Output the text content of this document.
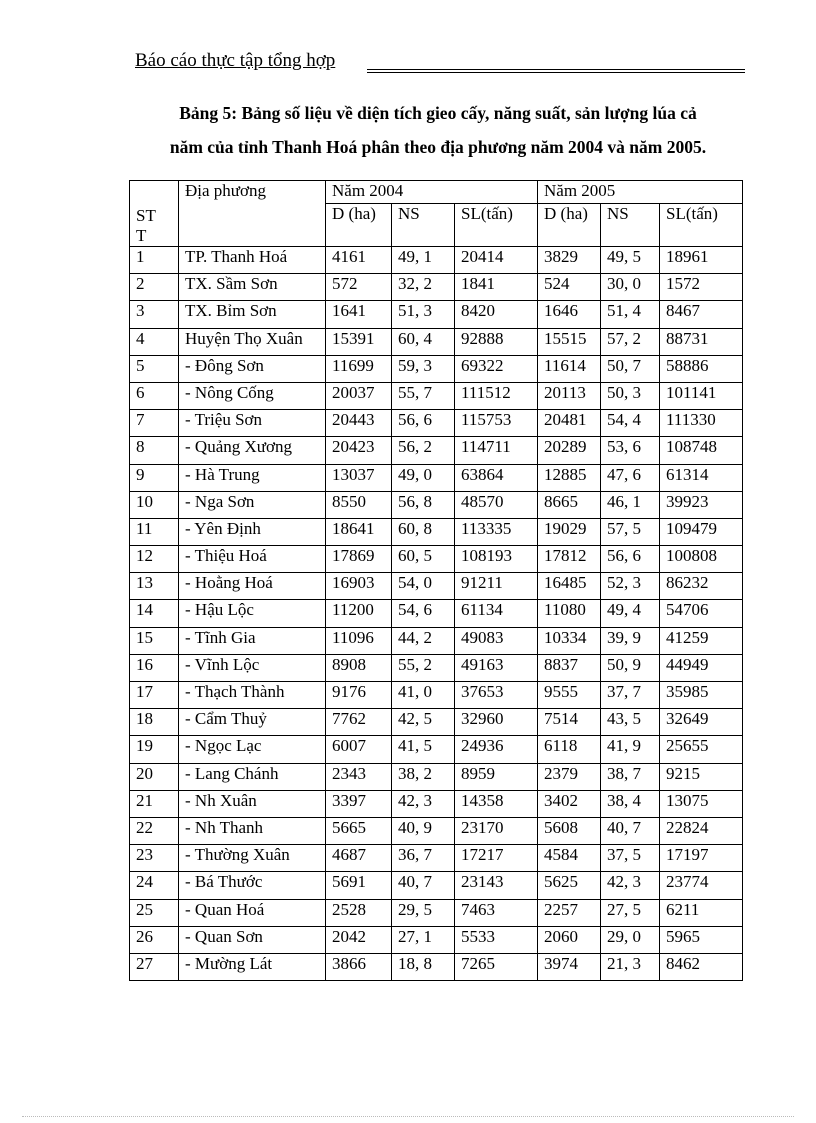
Báo cáo thực tập tổng hợp
Bảng 5: Bảng số liệu về diện tích gieo cấy, năng suất, sản lượng lúa cả
năm của tỉnh Thanh Hoá phân theo địa phương năm 2004 và năm 2005.
STT	Địa phương	Năm 2004			Năm 2005		
		D (ha)	NS	SL(tấn)	D (ha)	NS	SL(tấn)
1	TP. Thanh Hoá	4161	49, 1	20414	3829	49, 5	18961
2	TX. Sầm Sơn	572	32, 2	1841	524	30, 0	1572
3	TX. Bỉm Sơn	1641	51, 3	8420	1646	51, 4	8467
4	Huyện Thọ Xuân	15391	60, 4	92888	15515	57, 2	88731
5	- Đông Sơn	11699	59, 3	69322	11614	50, 7	58886
6	- Nông Cống	20037	55, 7	111512	20113	50, 3	101141
7	- Triệu Sơn	20443	56, 6	115753	20481	54, 4	111330
8	- Quảng Xương	20423	56, 2	114711	20289	53, 6	108748
9	- Hà Trung	13037	49, 0	63864	12885	47, 6	61314
10	- Nga Sơn	8550	56, 8	48570	8665	46, 1	39923
11	- Yên Định	18641	60, 8	113335	19029	57, 5	109479
12	- Thiệu Hoá	17869	60, 5	108193	17812	56, 6	100808
13	- Hoằng Hoá	16903	54, 0	91211	16485	52, 3	86232
14	- Hậu Lộc	11200	54, 6	61134	11080	49, 4	54706
15	- Tĩnh Gia	11096	44, 2	49083	10334	39, 9	41259
16	- Vĩnh Lộc	8908	55, 2	49163	8837	50, 9	44949
17	- Thạch Thành	9176	41, 0	37653	9555	37, 7	35985
18	- Cẩm Thuỷ	7762	42, 5	32960	7514	43, 5	32649
19	- Ngọc Lạc	6007	41, 5	24936	6118	41, 9	25655
20	- Lang Chánh	2343	38, 2	8959	2379	38, 7	9215
21	- Nh Xuân	3397	42, 3	14358	3402	38, 4	13075
22	- Nh Thanh	5665	40, 9	23170	5608	40, 7	22824
23	- Thường Xuân	4687	36, 7	17217	4584	37, 5	17197
24	- Bá Thước	5691	40, 7	23143	5625	42, 3	23774
25	- Quan Hoá	2528	29, 5	7463	2257	27, 5	6211
26	- Quan Sơn	2042	27, 1	5533	2060	29, 0	5965
27	- Mường Lát	3866	18, 8	7265	3974	21, 3	8462
